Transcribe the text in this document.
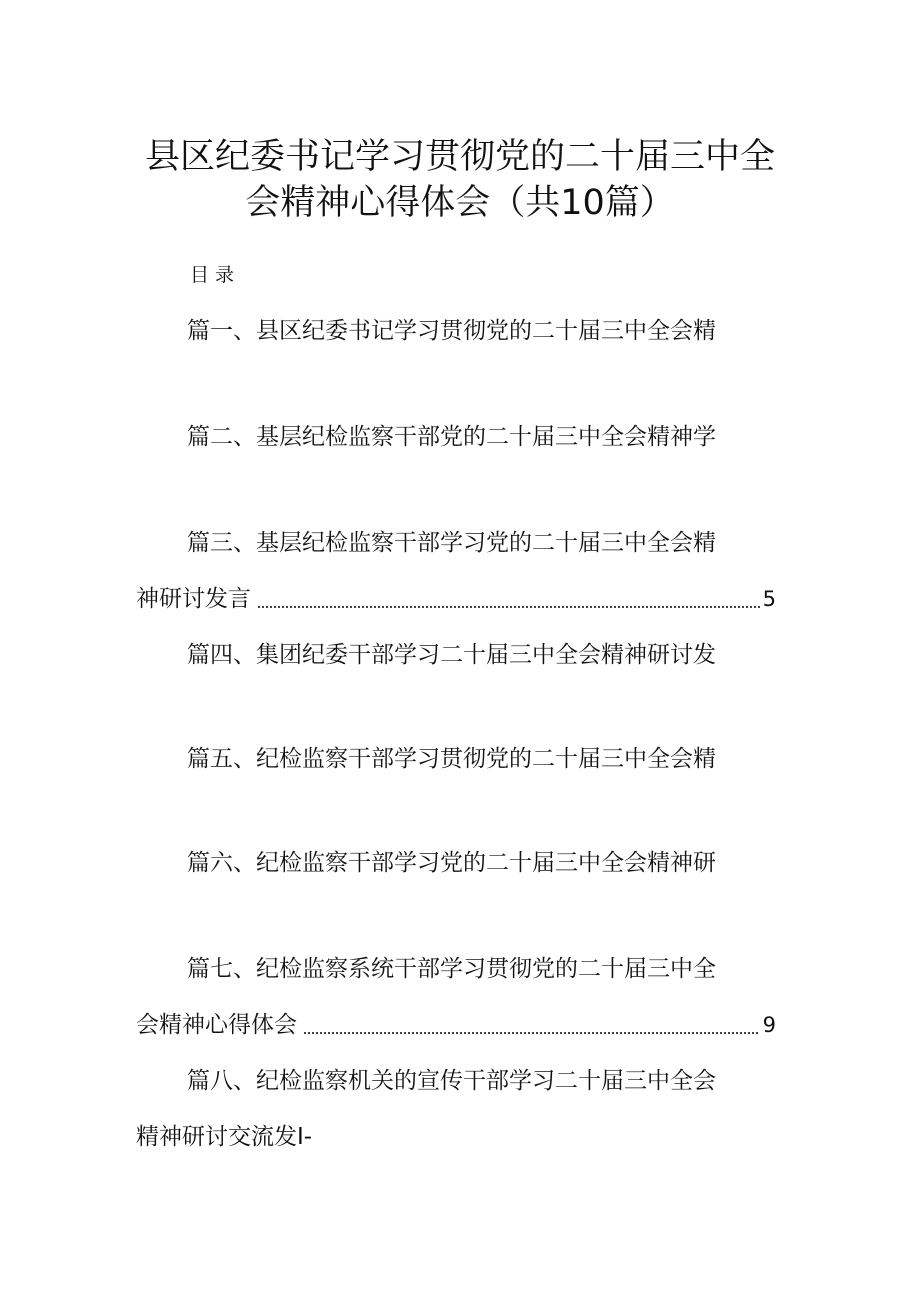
县区纪委书记学习贯彻党的二十届三中全
会精神心得体会（共10篇）
目录
篇一、县区纪委书记学习贯彻党的二十届三中全会精
篇二、基层纪检监察干部党的二十届三中全会精神学
篇三、基层纪检监察干部学习党的二十届三中全会精
神研讨发言	5
篇四、集团纪委干部学习二十届三中全会精神研讨发
篇五、纪检监察干部学习贯彻党的二十届三中全会精
篇六、纪检监察干部学习党的二十届三中全会精神研
篇七、纪检监察系统干部学习贯彻党的二十届三中全
会精神心得体会	9
篇八、纪检监察机关的宣传干部学习二十届三中全会
精神研讨交流发I-
